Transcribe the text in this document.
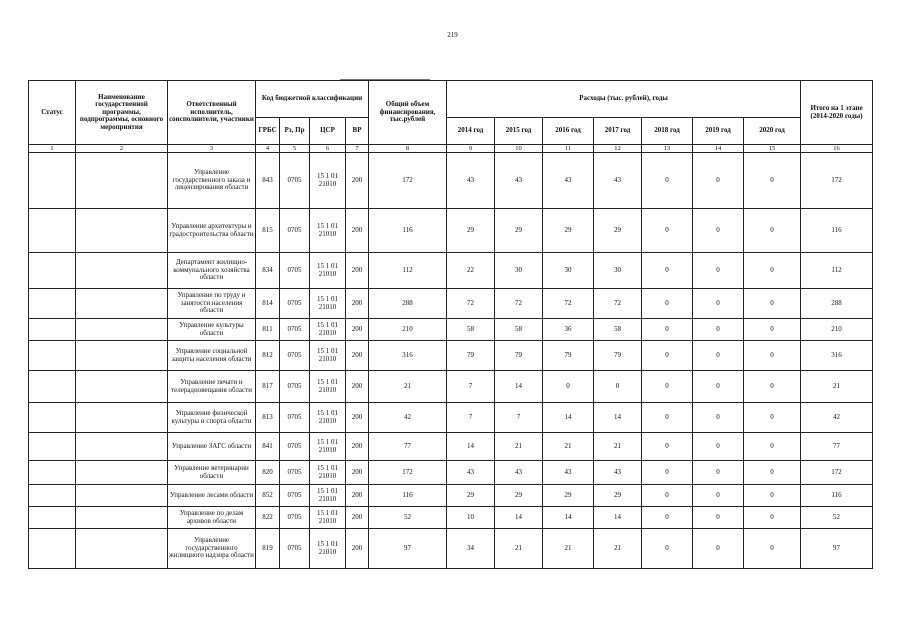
219
Статус	Наименование государственной программы, подпрограммы, основного мероприятия	Ответственный исполнитель, соисполнители, участники	Код бюджетной классификации				Общий объем финансирования, тыс.рублей	Расходы (тыс. рублей), годы							Итого на 1 этапе (2014-2020 годы)
			ГРБС	Рз, Пр	ЦСР	ВР		2014 год	2015 год	2016 год	2017 год	2018 год	2019 год	2020 год	
1	2	3	4	5	6	7	8	9	10	11	12	13	14	15	16
		Управление государственного заказа и лицензирования области	843	0705	15 1 01 21010	200	172	43	43	43	43	0	0	0	172
		Управление архитектуры и градостроительства области	815	0705	15 1 01 21010	200	116	29	29	29	29	0	0	0	116
		Департамент жилищно-коммунального хозяйства области	834	0705	15 1 01 21010	200	112	22	30	30	30	0	0	0	112
		Управление по труду и занятости населения области	814	0705	15 1 01 21010	200	288	72	72	72	72	0	0	0	288
		Управление культуры области	811	0705	15 1 01 21010	200	210	58	58	36	58	0	0	0	210
		Управление социальной защиты населения области	812	0705	15 1 01 21010	200	316	79	79	79	79	0	0	0	316
		Управление печати и телерадиовещания области	817	0705	15 1 01 21010	200	21	7	14	0	0	0	0	0	21
		Управление физической культуры и спорта области	813	0705	15 1 01 21010	200	42	7	7	14	14	0	0	0	42
		Управление ЗАГС области	841	0705	15 1 01 21010	200	77	14	21	21	21	0	0	0	77
		Управление ветеринарии области	820	0705	15 1 01 21010	200	172	43	43	43	43	0	0	0	172
		Управление лесами области	852	0705	15 1 01 21010	200	116	29	29	29	29	0	0	0	116
		Управление по делам архивов области	822	0705	15 1 01 21010	200	52	10	14	14	14	0	0	0	52
		Управление государственного жилищного надзора области	819	0705	15 1 01 21010	200	97	34	21	21	21	0	0	0	97
